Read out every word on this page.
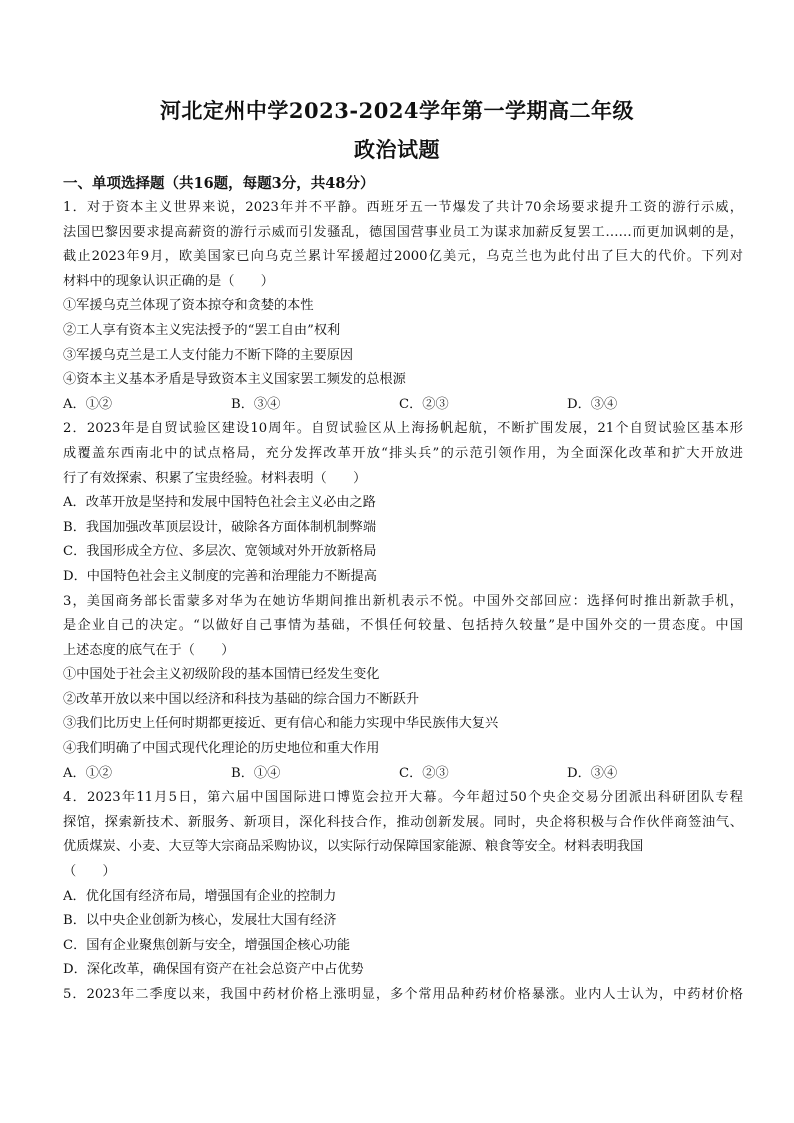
河北定州中学2023-2024学年第一学期高二年级
政治试题
一、单项选择题（共16题，每题3分，共48分）
1．对于资本主义世界来说，2023年并不平静。西班牙五一节爆发了共计70余场要求提升工资的游行示威，
法国巴黎因要求提高薪资的游行示威而引发骚乱，德国国营事业员工为谋求加薪反复罢工……而更加讽刺的是，
截止2023年9月，欧美国家已向乌克兰累计军援超过2000亿美元，乌克兰也为此付出了巨大的代价。下列对
材料中的现象认识正确的是（　　）
①军援乌克兰体现了资本掠夺和贪婪的本性
②工人享有资本主义宪法授予的“罢工自由”权利
③军援乌克兰是工人支付能力不断下降的主要原因
④资本主义基本矛盾是导致资本主义国家罢工频发的总根源
A．①②	B．③④	C．②③	D．③④
2．2023年是自贸试验区建设10周年。自贸试验区从上海扬帆起航，不断扩围发展，21个自贸试验区基本形
成覆盖东西南北中的试点格局，充分发挥改革开放“排头兵”的示范引领作用，为全面深化改革和扩大开放进
行了有效探索、积累了宝贵经验。材料表明（　　）
A．改革开放是坚持和发展中国特色社会主义必由之路
B．我国加强改革顶层设计，破除各方面体制机制弊端
C．我国形成全方位、多层次、宽领域对外开放新格局
D．中国特色社会主义制度的完善和治理能力不断提高
3，美国商务部长雷蒙多对华为在她访华期间推出新机表示不悦。中国外交部回应：选择何时推出新款手机，
是企业自己的决定。“以做好自己事情为基础，不惧任何较量、包括持久较量”是中国外交的一贯态度。中国
上述态度的底气在于（　　）
①中国处于社会主义初级阶段的基本国情已经发生变化
②改革开放以来中国以经济和科技为基础的综合国力不断跃升
③我们比历史上任何时期都更接近、更有信心和能力实现中华民族伟大复兴
④我们明确了中国式现代化理论的历史地位和重大作用
A．①②	B．①④	C．②③	D．③④
4．2023年11月5日，第六届中国国际进口博览会拉开大幕。今年超过50个央企交易分团派出科研团队专程
探馆，探索新技术、新服务、新项目，深化科技合作，推动创新发展。同时，央企将积极与合作伙伴商签油气、
优质煤炭、小麦、大豆等大宗商品采购协议，以实际行动保障国家能源、粮食等安全。材料表明我国
（　　）
A．优化国有经济布局，增强国有企业的控制力
B．以中央企业创新为核心，发展壮大国有经济
C．国有企业聚焦创新与安全，增强国企核心功能
D．深化改革，确保国有资产在社会总资产中占优势
5．2023年二季度以来，我国中药材价格上涨明显，多个常用品种药材价格暴涨。业内人士认为，中药材价格
